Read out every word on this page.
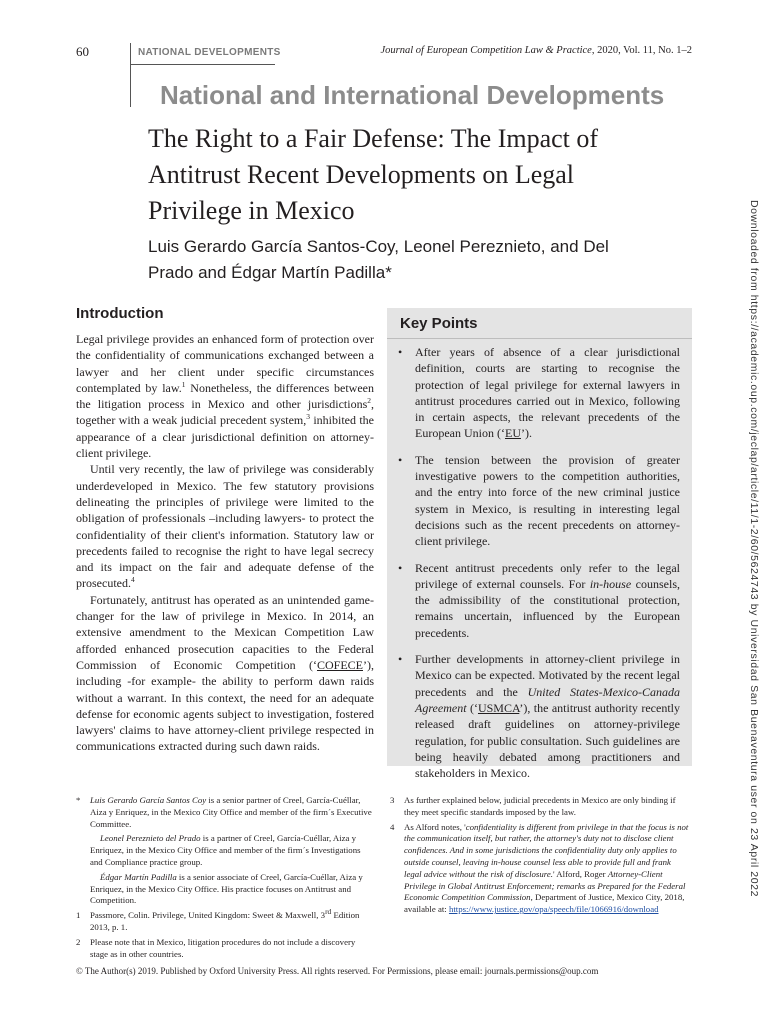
60	NATIONAL DEVELOPMENTS	Journal of European Competition Law & Practice, 2020, Vol. 11, No. 1–2
National and International Developments
The Right to a Fair Defense: The Impact of Antitrust Recent Developments on Legal Privilege in Mexico
Luis Gerardo García Santos-Coy, Leonel Pereznieto, and Del Prado and Édgar Martín Padilla*
Introduction

Legal privilege provides an enhanced form of protection over the confidentiality of communications exchanged between a lawyer and her client under specific circumstances contemplated by law.$^1$ Nonetheless, the differences between the litigation process in Mexico and other jurisdictions$^2$, together with a weak judicial precedent system,$^3$ inhibited the appearance of a clear jurisdictional definition on attorney-client privilege.

Until very recently, the law of privilege was considerably underdeveloped in Mexico. The few statutory provisions delineating the principles of privilege were limited to the obligation of professionals –including lawyers- to protect the confidentiality of their client's information. Statutory law or precedents failed to recognise the right to have legal secrecy and its impact on the fair and adequate defense of the prosecuted.$^4$

Fortunately, antitrust has operated as an unintended game-changer for the law of privilege in Mexico. In 2014, an extensive amendment to the Mexican Competition Law afforded enhanced prosecution capacities to the Federal Commission of Economic Competition (‘COFECE’), including -for example- the ability to perform dawn raids without a warrant. In this context, the need for an adequate defense for economic agents subject to investigation, fostered lawyers' claims to have attorney-client privilege respected in communications extracted during such dawn raids.

Key Points
• After years of absence of a clear jurisdictional definition, courts are starting to recognise the protection of legal privilege for external lawyers in antitrust procedures carried out in Mexico, following in certain aspects, the relevant precedents of the European Union (‘EU’).
• The tension between the provision of greater investigative powers to the competition authorities, and the entry into force of the new criminal justice system in Mexico, is resulting in interesting legal decisions such as the recent precedents on attorney-client privilege.
• Recent antitrust precedents only refer to the legal privilege of external counsels. For in-house counsels, the admissibility of the constitutional protection, remains uncertain, influenced by the European precedents.
• Further developments in attorney-client privilege in Mexico can be expected. Motivated by the recent legal precedents and the United States-Mexico-Canada Agreement (‘USMCA’), the antitrust authority recently released draft guidelines on attorney-privilege regulation, for public consultation. Such guidelines are being heavily debated among practitioners and stakeholders in Mexico.
* Luis Gerardo García Santos Coy is a senior partner of Creel, García-Cuéllar, Aiza y Enriquez, in the Mexico City Office and member of the firm´s Executive Committee.
Leonel Pereznieto del Prado is a partner of Creel, García-Cuéllar, Aiza y Enriquez, in the Mexico City Office and member of the firm´s Investigations and Compliance practice group.
Édgar Martín Padilla is a senior associate of Creel, García-Cuéllar, Aiza y Enriquez, in the Mexico City Office. His practice focuses on Antitrust and Competition.
1 Passmore, Colin. Privilege, United Kingdom: Sweet & Maxwell, 3rd Edition 2013, p. 1.
2 Please note that in Mexico, litigation procedures do not include a discovery stage as in other countries.
3 As further explained below, judicial precedents in Mexico are only binding if they meet specific standards imposed by the law.
4 As Alford notes, 'confidentiality is different from privilege in that the focus is not the communication itself, but rather, the attorney's duty not to disclose client confidences. And in some jurisdictions the confidentiality duty only applies to outside counsel, leaving in-house counsel less able to provide full and frank legal advice without the risk of disclosure.' Alford, Roger Attorney-Client Privilege in Global Antitrust Enforcement; remarks as Prepared for the Federal Economic Competition Commission, Department of Justice, Mexico City, 2018, available at: https://www.justice.gov/opa/speech/file/1066916/download
© The Author(s) 2019. Published by Oxford University Press. All rights reserved. For Permissions, please email: journals.permissions@oup.com
Downloaded from https://academic.oup.com/jeclap/article/11/1-2/60/5624743 by Universidad San Buenaventura user on 23 April 2022
